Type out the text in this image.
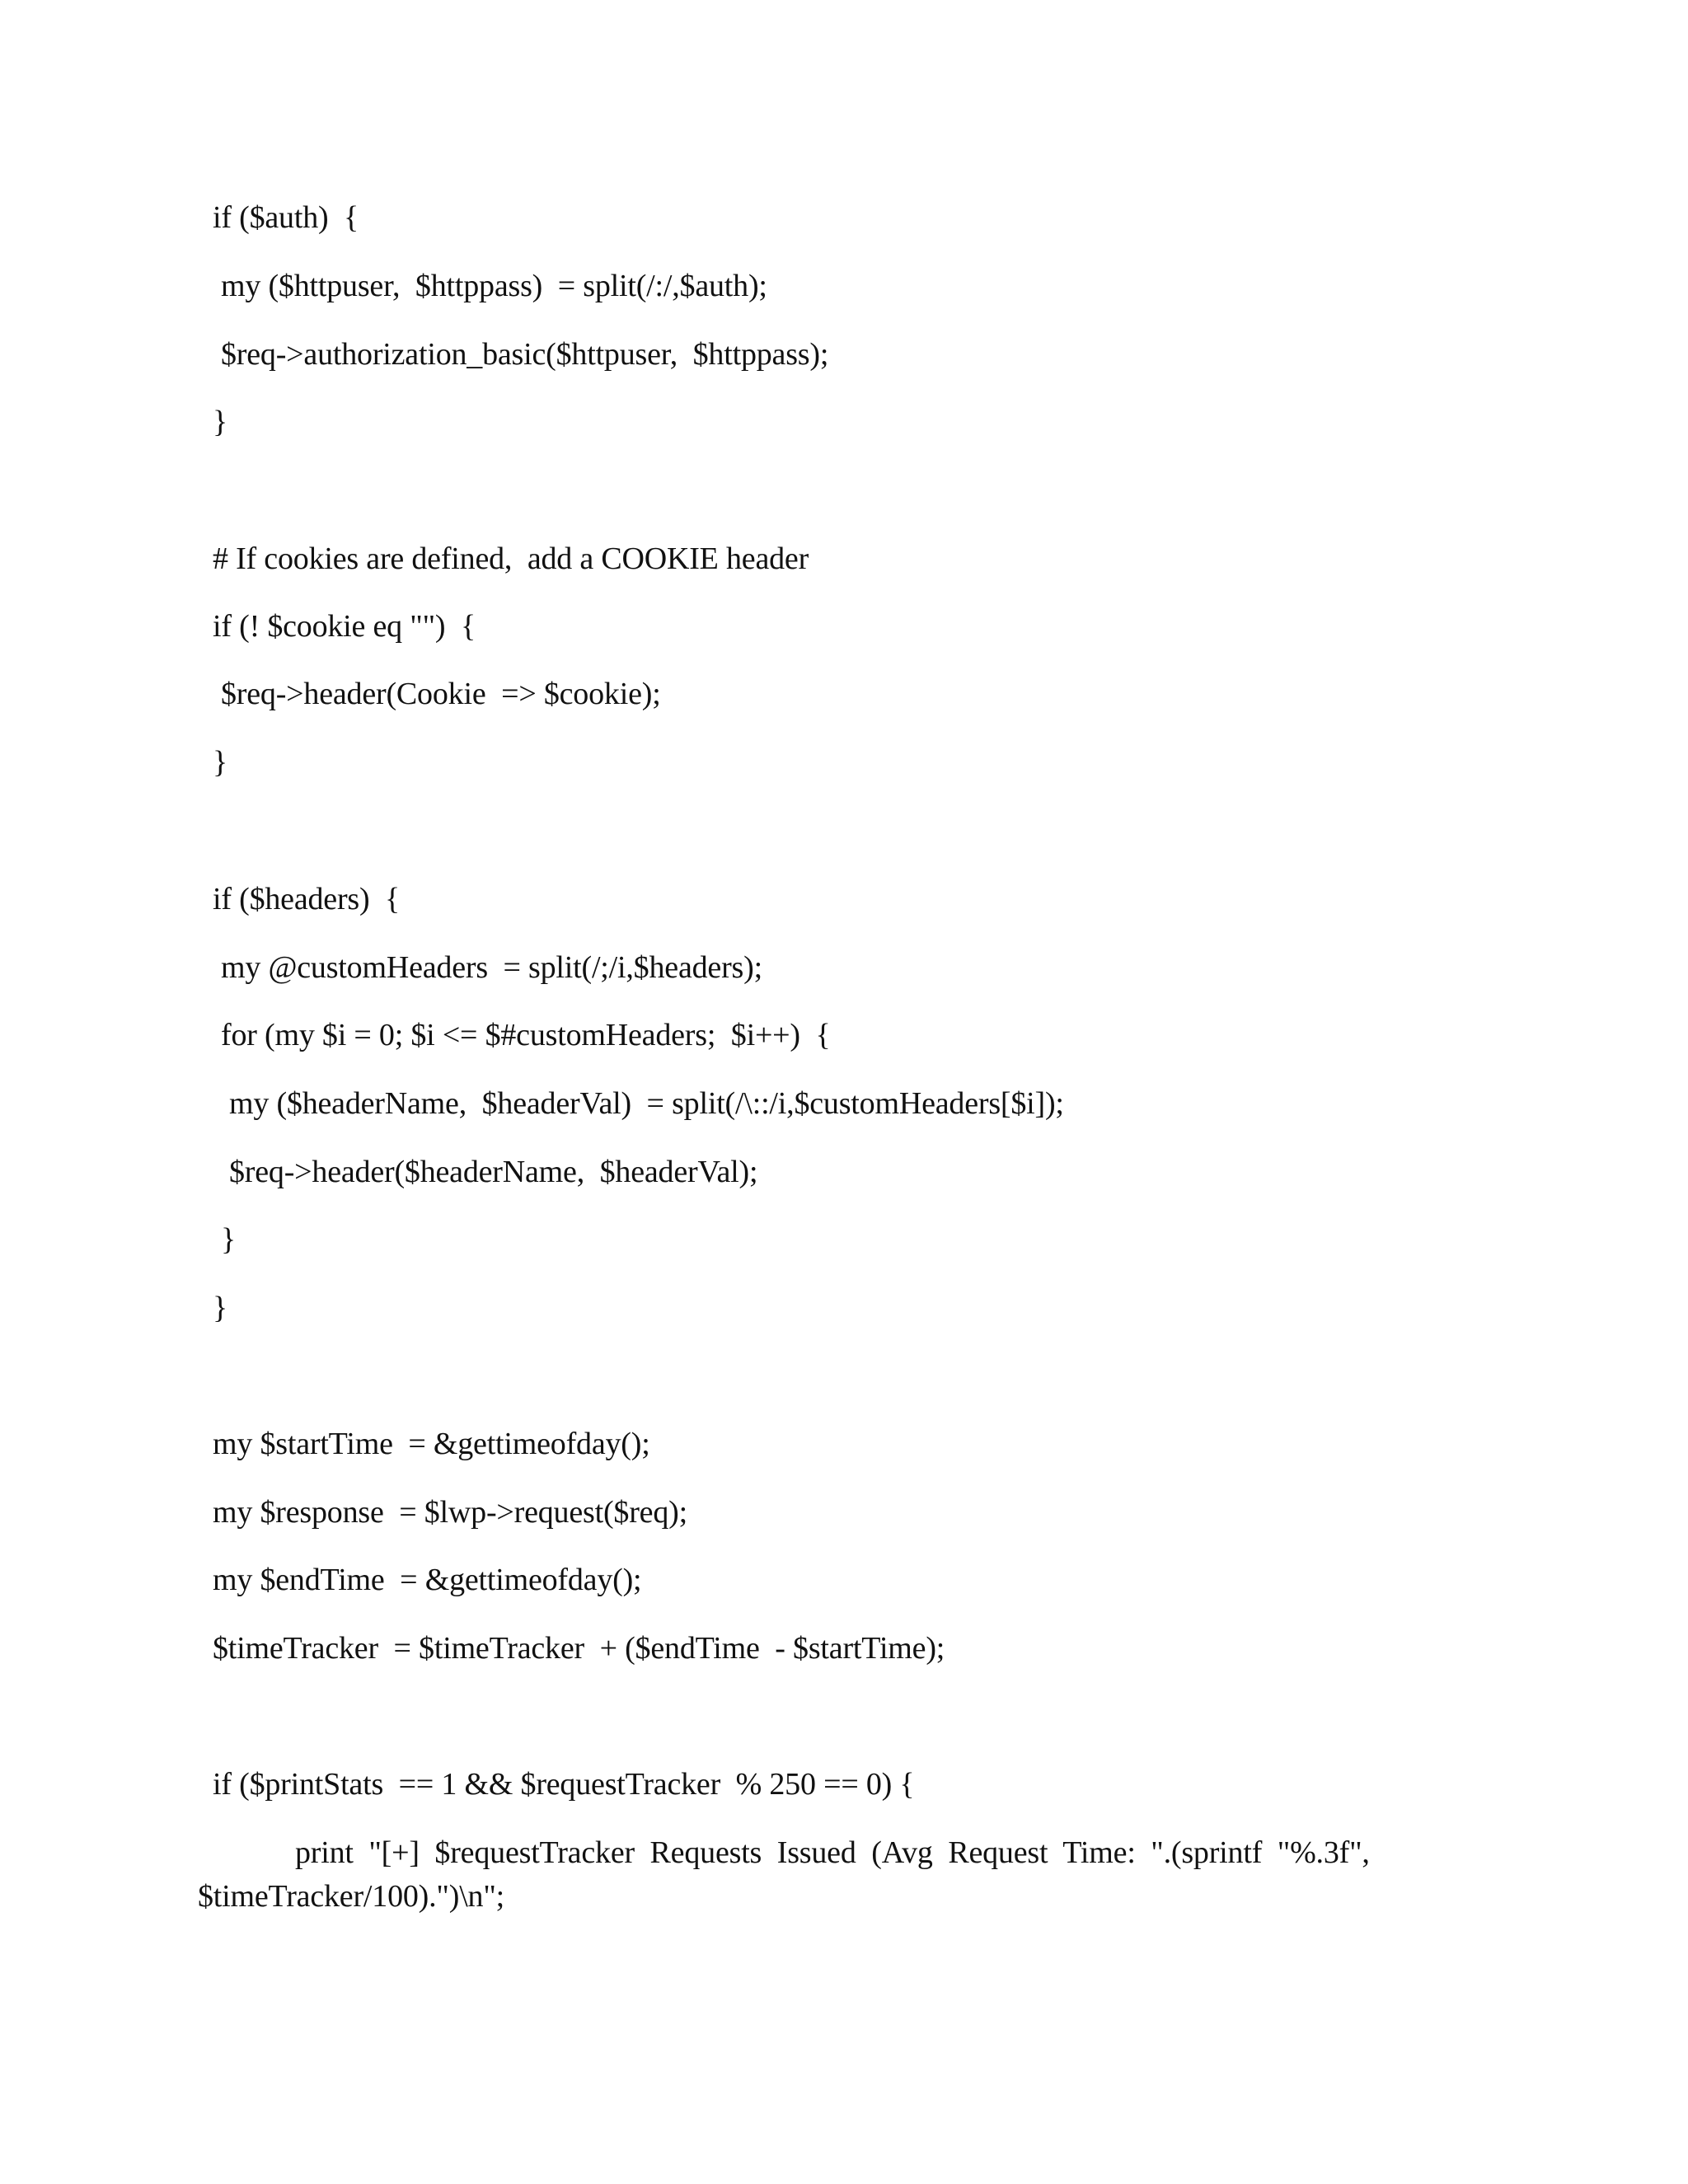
if ($auth)  {
my ($httpuser,  $httppass)  = split(/:/,$auth);
$req->authorization_basic($httpuser,  $httppass);
}
# If cookies are defined,  add a COOKIE header
if (! $cookie eq "")  {
$req->header(Cookie  => $cookie);
}
if ($headers)  {
my @customHeaders  = split(/;/i,$headers);
for (my $i = 0; $i <= $#customHeaders;  $i++)  {
my ($headerName,  $headerVal)  = split(/\::/i,$customHeaders[$i]);
$req->header($headerName,  $headerVal);
}
}
my $startTime  = &gettimeofday();
my $response  = $lwp->request($req);
my $endTime  = &gettimeofday();
$timeTracker  = $timeTracker  + ($endTime  - $startTime);
if ($printStats  == 1 && $requestTracker  % 250 == 0) {
print  "[+]  $requestTracker  Requests  Issued  (Avg  Request  Time:  ".(sprintf  "%.3f",
$timeTracker/100).")\n";
